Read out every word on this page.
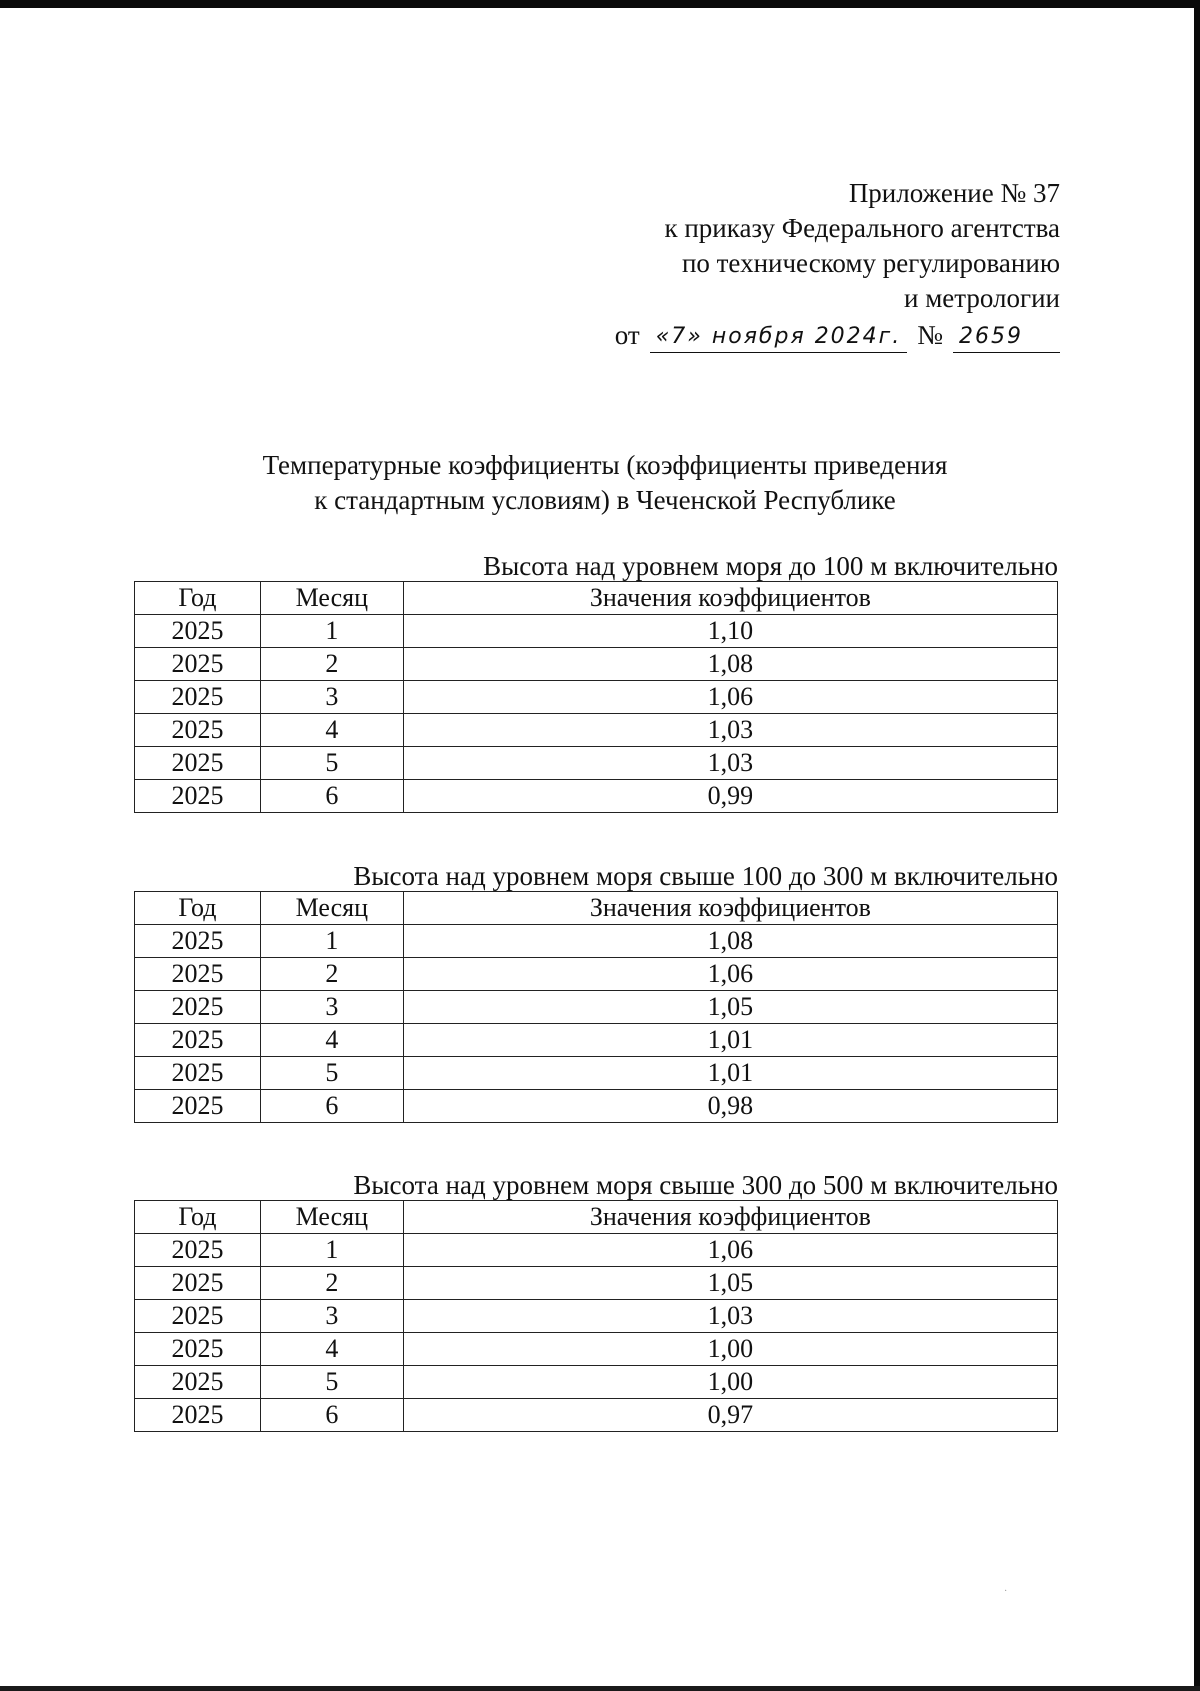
Приложение № 37
к приказу Федерального агентства
по техническому регулированию
и метрологии
от «7» ноября 2024г. № 2659
Температурные коэффициенты (коэффициенты приведения
к стандартным условиям) в Чеченской Республике
Высота над уровнем моря до 100 м включительно
Год	Месяц	Значения коэффициентов
2025	1	1,10
2025	2	1,08
2025	3	1,06
2025	4	1,03
2025	5	1,03
2025	6	0,99
Высота над уровнем моря свыше 100 до 300 м включительно
Год	Месяц	Значения коэффициентов
2025	1	1,08
2025	2	1,06
2025	3	1,05
2025	4	1,01
2025	5	1,01
2025	6	0,98
Высота над уровнем моря свыше 300 до 500 м включительно
Год	Месяц	Значения коэффициентов
2025	1	1,06
2025	2	1,05
2025	3	1,03
2025	4	1,00
2025	5	1,00
2025	6	0,97
·
